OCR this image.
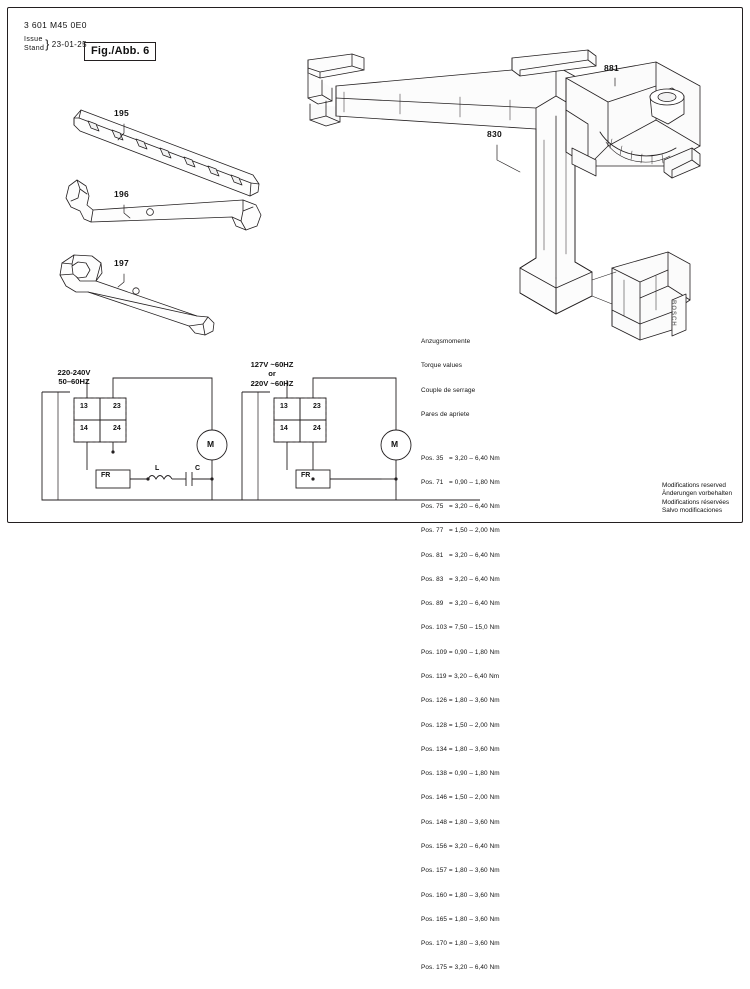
3 601 M45 0E0
Issue
Stand } 23-01-25
Fig./Abb. 6
195
196
197
830
881

Anzugsmomente

Torque values

Couple de serrage

Pares de apriete

Pos. 35   = 3,20 – 6,40 Nm

Pos. 71   = 0,90 – 1,80 Nm

Pos. 75   = 3,20 – 6,40 Nm

Pos. 77   = 1,50 – 2,00 Nm

Pos. 81   = 3,20 – 6,40 Nm

Pos. 83   = 3,20 – 6,40 Nm

Pos. 89   = 3,20 – 6,40 Nm

Pos. 103 = 7,50 – 15,0 Nm

Pos. 109 = 0,90 – 1,80 Nm

Pos. 119 = 3,20 – 6,40 Nm

Pos. 126 = 1,80 – 3,60 Nm

Pos. 128 = 1,50 – 2,00 Nm

Pos. 134 = 1,80 – 3,60 Nm

Pos. 138 = 0,90 – 1,80 Nm

Pos. 146 = 1,50 – 2,00 Nm

Pos. 148 = 1,80 – 3,60 Nm

Pos. 156 = 3,20 – 6,40 Nm

Pos. 157 = 1,80 – 3,60 Nm

Pos. 160 = 1,80 – 3,60 Nm

Pos. 165 = 1,80 – 3,60 Nm

Pos. 170 = 1,80 – 3,60 Nm

Pos. 175 = 3,20 – 6,40 Nm

Modifications reserved
Änderungen vorbehalten
Modifications réservées
Salvo modificaciones
220-240V
50–60HZ
127V ~60HZ
or
220V ~60HZ
13	23
14	24
13	23
14	24
M	M
FR	FR
L	C
BOSCH
